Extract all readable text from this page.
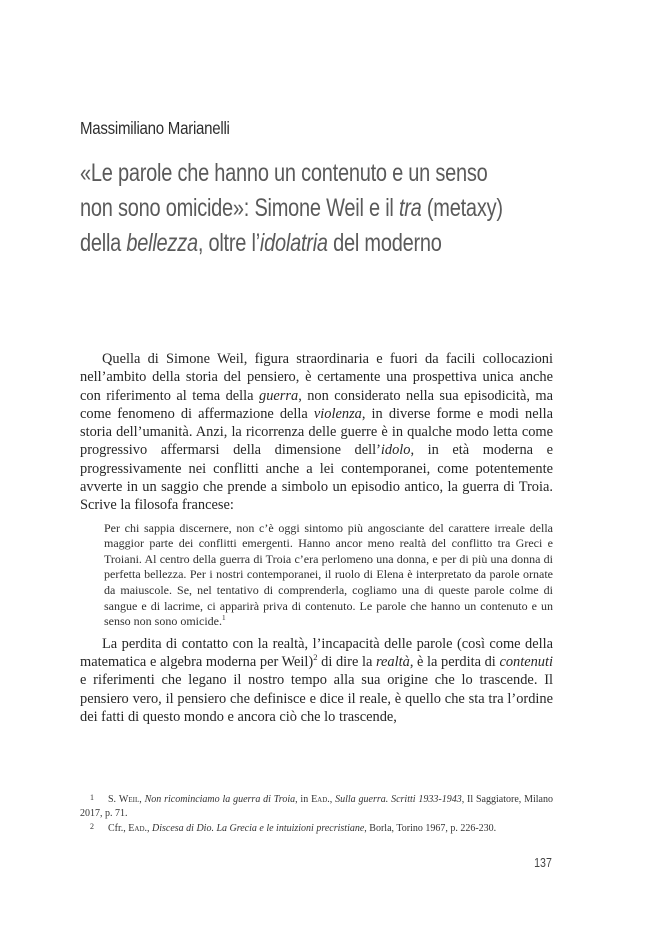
Massimiliano Marianelli
«Le parole che hanno un contenuto e un senso
non sono omicide»: Simone Weil e il tra (metaxy)
della bellezza, oltre l’idolatria del moderno

Quella di Simone Weil, figura straordinaria e fuori da facili collocazioni nell’ambito della storia del pensiero, è certamente una prospettiva unica anche con riferimento al tema della guerra, non considerato nella sua episodicità, ma come fenomeno di affermazione della violenza, in diverse forme e modi nella storia dell’umanità. Anzi, la ricorrenza delle guerre è in qualche modo letta come progressivo affermarsi della dimensione dell’idolo, in età moderna e progressivamente nei conflitti anche a lei contemporanei, come potentemente avverte in un saggio che prende a simbolo un episodio antico, la guerra di Troia. Scrive la filosofa francese:

Per chi sappia discernere, non c’è oggi sintomo più angosciante del carattere irreale della maggior parte dei conflitti emergenti. Hanno ancor meno realtà del conflitto tra Greci e Troiani. Al centro della guerra di Troia c’era perlomeno una donna, e per di più una donna di perfetta bellezza. Per i nostri contemporanei, il ruolo di Elena è interpretato da parole ornate da maiuscole. Se, nel tentativo di comprenderla, cogliamo una di queste parole colme di sangue e di lacrime, ci apparirà priva di contenuto. Le parole che hanno un contenuto e un senso non sono omicide.$^1$

La perdita di contatto con la realtà, l’incapacità delle parole (così come della matematica e algebra moderna per Weil)$^2$ di dire la realtà, è la perdita di contenuti e riferimenti che legano il nostro tempo alla sua origine che lo trascende. Il pensiero vero, il pensiero che definisce e dice il reale, è quello che sta tra l’ordine dei fatti di questo mondo e ancora ciò che lo trascende,

1 S. Weil, Non ricominciamo la guerra di Troia, in Ead., Sulla guerra. Scritti 1933-1943, Il Saggiatore, Milano 2017, p. 71.

2 Cfr., Ead., Discesa di Dio. La Grecia e le intuizioni precristiane, Borla, Torino 1967, p. 226-230.

137
